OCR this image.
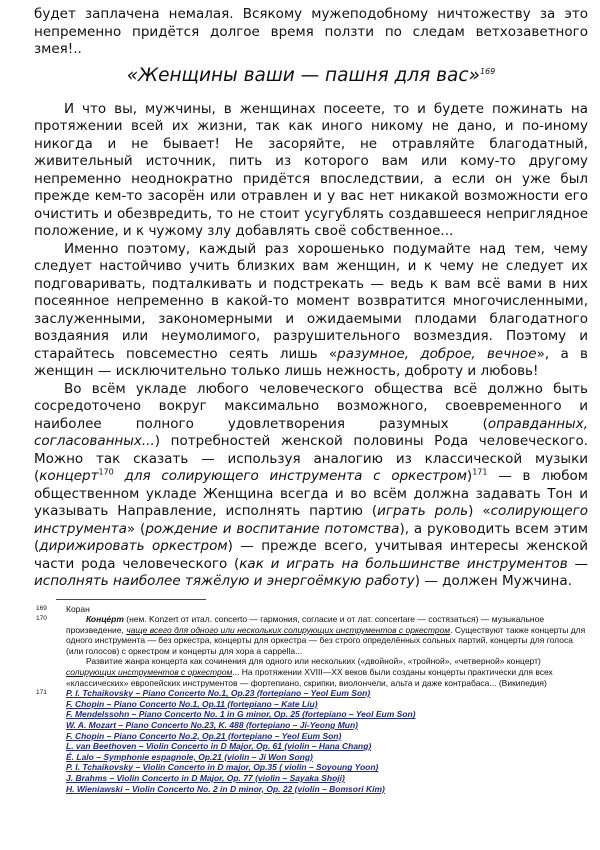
будет заплачена немалая. Всякому мужеподобному ничтожеству за это непременно придётся долгое время ползти по следам ветхозаветного змея!..

«Женщины ваши — пашня для вас»$^{169}$

И что вы, мужчины, в женщинах посеете, то и будете пожинать на протяжении всей их жизни, так как иного никому не дано, и по-иному никогда и не бывает! Не засоряйте, не отравляйте благодатный, живительный источник, пить из которого вам или кому-то другому непременно неоднократно придётся впоследствии, а если он уже был прежде кем-то засорён или отравлен и у вас нет никакой возможности его очистить и обезвредить, то не стоит усугублять создавшееся неприглядное положение, и к чужому злу добавлять своё собственное...

Именно поэтому, каждый раз хорошенько подумайте над тем, чему следует настойчиво учить близких вам женщин, и к чему не следует их подговаривать, подталкивать и подстрекать — ведь к вам всё вами в них посеянное непременно в какой-то момент возвратится многочисленными, заслуженными, закономерными и ожидаемыми плодами благодатного воздаяния или неумолимого, разрушительного возмездия. Поэтому и старайтесь повсеместно сеять лишь «разумное, доброе, вечное», а в женщин — исключительно только лишь нежность, доброту и любовь!

Во всём укладе любого человеческого общества всё должно быть сосредоточено вокруг максимально возможного, своевременного и наиболее полного удовлетворения разумных (оправданных, согласованных...) потребностей женской половины Рода человеческого. Можно так сказать — используя аналогию из классической музыки (концерт$^{170}$ для солирующего инструмента с оркестром)$^{171}$ — в любом общественном укладе Женщина всегда и во всём должна задавать Тон и указывать Направление, исполнять партию (играть роль) «солирующего инструмента» (рождение и воспитание потомства), а руководить всем этим (дирижировать оркестром) — прежде всего, учитывая интересы женской части рода человеческого (как и играть на большинстве инструментов — исполнять наиболее тяжёлую и энергоёмкую работу) — должен Мужчина.

169 Коран
170	Конце́рт (нем. Konzert от итал. concerto — гармония, согласие и от лат. concertare — состязаться) — музыкальное произведение, чаще всего для одного или нескольких солирующих инструментов с оркестром. Существуют также концерты для одного инструмента — без оркестра, концерты для оркестра — без строго определённых сольных партий, концерты для голоса (или голосов) с оркестром и концерты для хора a cappella...
Развитие жанра концерта как сочинения для одного или нескольких («двойной», «тройной», «четверной» концерт) солирующих инструментов с оркестром... На протяжении XVIII—XX веков были созданы концерты практически для всех «классических» европейских инструментов — фортепиано, скрипки, виолончели, альта и даже контрабаса... (Википедия)
171 P. I. Tchaikovsky – Piano Concerto No.1, Op.23 (fortepiano – Yeol Eum Son)
F. Chopin – Piano Concerto No.1, Op.11 (fortepiano – Kate Liu)
F. Mendelssohn – Piano Concerto No. 1 in G minor, Op. 25 (fortepiano – Yeol Eum Son)
W. A. Mozart – Piano Concerto No.23, K. 488 (fortepiano – Ji-Yeong Mun)
F. Chopin – Piano Concerto No.2, Op.21 (fortepiano – Yeol Eum Son)
L. van Beethoven – Violin Concerto in D Major, Op. 61 (violin – Hana Chang)
É. Lalo – Symphonie espagnole, Op.21 (violin – Ji Won Song)
P. I. Tchaikovsky – Violin Concerto in D major, Op.35 ( violin – Soyoung Yoon)
J. Brahms – Violin Concerto in D Major, Op. 77 (violin – Sayaka Shoji)
H. Wieniawski – Violin Concerto No. 2 in D minor, Op. 22 (violin – Bomsori Kim)
